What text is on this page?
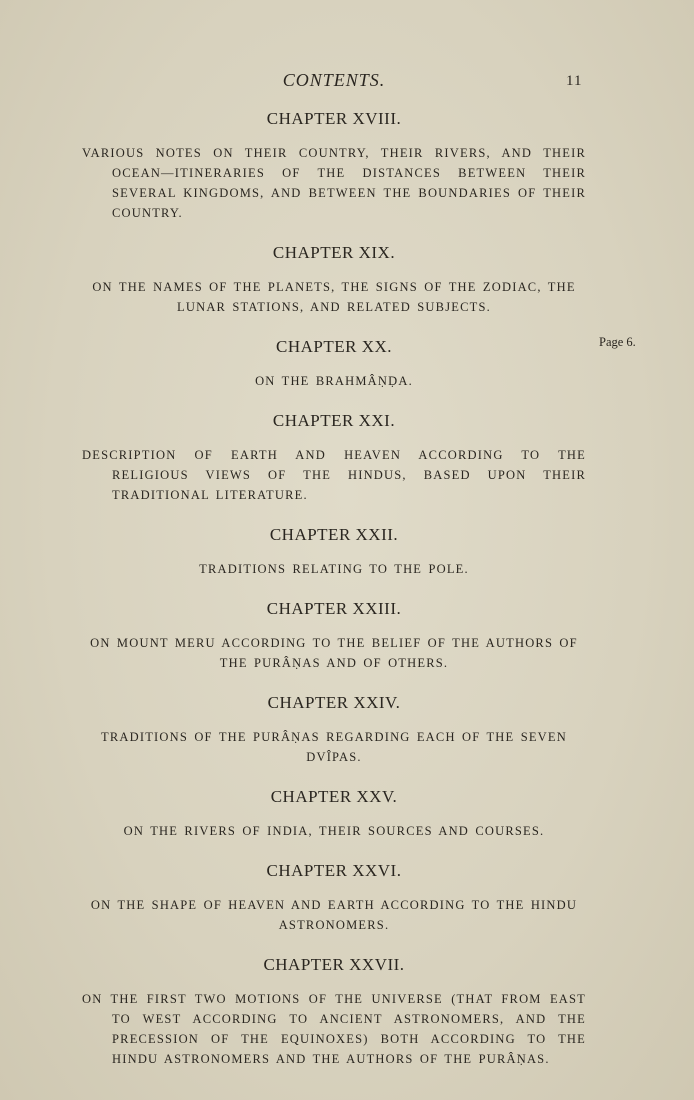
CONTENTS.	11
Page 6.
CHAPTER XVIII.

VARIOUS NOTES ON THEIR COUNTRY, THEIR RIVERS, AND THEIR OCEAN—ITINERARIES OF THE DISTANCES BETWEEN THEIR SEVERAL KINGDOMS, AND BETWEEN THE BOUNDARIES OF THEIR COUNTRY.

CHAPTER XIX.

ON THE NAMES OF THE PLANETS, THE SIGNS OF THE ZODIAC, THE LUNAR STATIONS, AND RELATED SUBJECTS.

CHAPTER XX.

ON THE BRAHMÂṆḌA.

CHAPTER XXI.

DESCRIPTION OF EARTH AND HEAVEN ACCORDING TO THE RELIGIOUS VIEWS OF THE HINDUS, BASED UPON THEIR TRADITIONAL LITERATURE.

CHAPTER XXII.

TRADITIONS RELATING TO THE POLE.

CHAPTER XXIII.

ON MOUNT MERU ACCORDING TO THE BELIEF OF THE AUTHORS OF THE PURÂṆAS AND OF OTHERS.

CHAPTER XXIV.

TRADITIONS OF THE PURÂṆAS REGARDING EACH OF THE SEVEN DVÎPAS.

CHAPTER XXV.

ON THE RIVERS OF INDIA, THEIR SOURCES AND COURSES.

CHAPTER XXVI.

ON THE SHAPE OF HEAVEN AND EARTH ACCORDING TO THE HINDU ASTRONOMERS.

CHAPTER XXVII.

ON THE FIRST TWO MOTIONS OF THE UNIVERSE (THAT FROM EAST TO WEST ACCORDING TO ANCIENT ASTRONOMERS, AND THE PRECESSION OF THE EQUINOXES) BOTH ACCORDING TO THE HINDU ASTRONOMERS AND THE AUTHORS OF THE PURÂṆAS.
